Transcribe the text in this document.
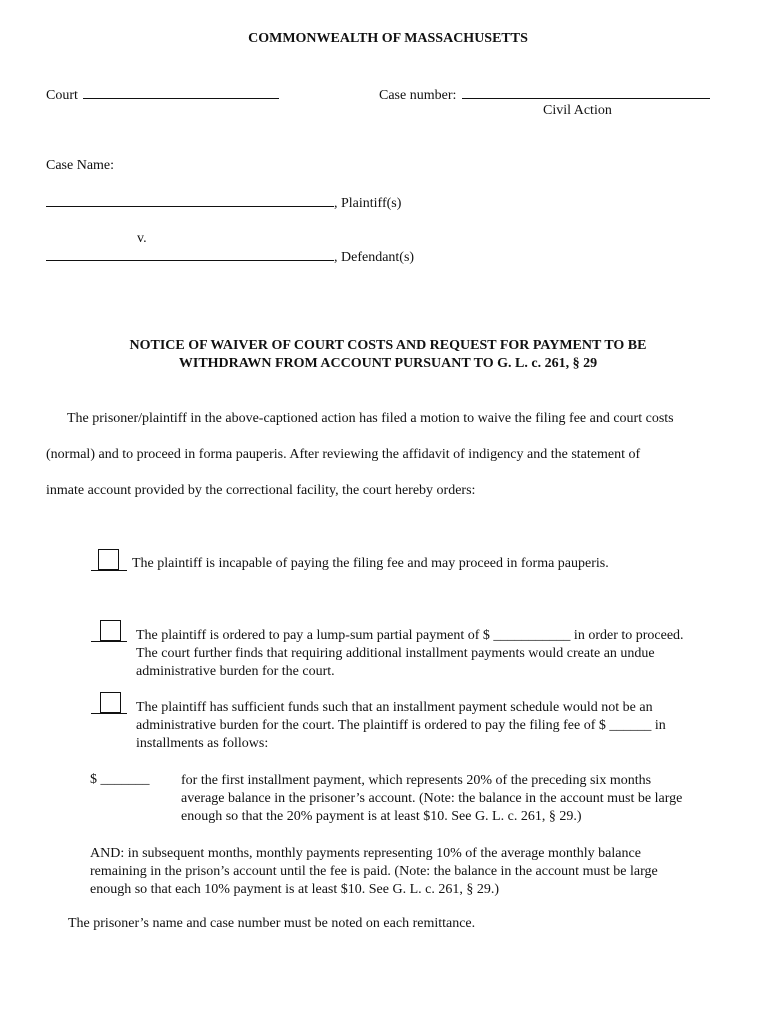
COMMONWEALTH OF MASSACHUSETTS
Court	Case number:
Civil Action
Case Name:
, Plaintiff(s)
v.
, Defendant(s)
NOTICE OF WAIVER OF COURT COSTS AND REQUEST FOR PAYMENT TO BE
WITHDRAWN FROM ACCOUNT PURSUANT TO G. L. c. 261, § 29
The prisoner/plaintiff in the above-captioned action has filed a motion to waive the filing fee and court costs
(normal) and to proceed in forma pauperis. After reviewing the affidavit of indigency and the statement of
inmate account provided by the correctional facility, the court hereby orders:
The plaintiff is incapable of paying the filing fee and may proceed in forma pauperis.
The plaintiff is ordered to pay a lump-sum partial payment of $ ___________ in order to proceed.
The court further finds that requiring additional installment payments would create an undue
administrative burden for the court.
The plaintiff has sufficient funds such that an installment payment schedule would not be an
administrative burden for the court. The plaintiff is ordered to pay the filing fee of $ ______ in
installments as follows:
$ _______ for the first installment payment, which represents 20% of the preceding six months
average balance in the prisoner’s account. (Note: the balance in the account must be large
enough so that the 20% payment is at least $10. See G. L. c. 261, § 29.)
AND: in subsequent months, monthly payments representing 10% of the average monthly balance
remaining in the prison’s account until the fee is paid. (Note: the balance in the account must be large
enough so that each 10% payment is at least $10. See G. L. c. 261, § 29.)
The prisoner’s name and case number must be noted on each remittance.
